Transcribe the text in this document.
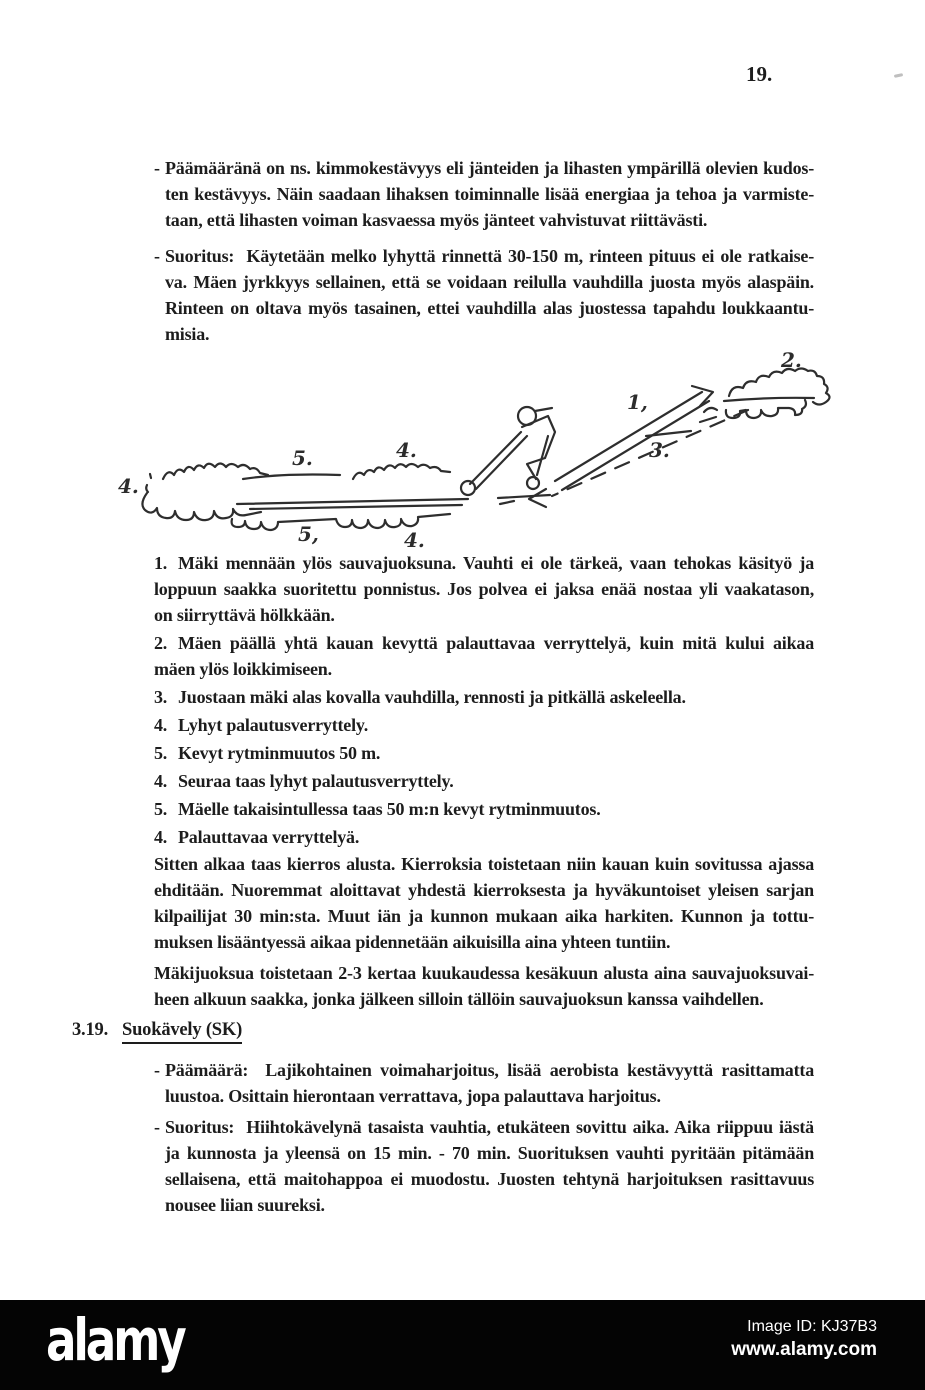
19.
- Päämääränä on ns. kimmokestävyys eli jänteiden ja lihasten ympärillä olevien kudos-
ten kestävyys. Näin saadaan lihaksen toiminnalle lisää energiaa ja tehoa ja varmiste-
taan, että lihasten voiman kasvaessa myös jänteet vahvistuvat riittävästi.
- Suoritus:  Käytetään melko lyhyttä rinnettä 30-150 m, rinteen pituus ei ole ratkaise-
va. Mäen jyrkkyys sellainen, että se voidaan reilulla vauhdilla juosta myös alaspäin.
Rinteen on oltava myös tasainen, ettei vauhdilla alas juostessa tapahdu loukkaantu-
misia.
4.
5.	4.
5,	4.
1,
3.
2.
1. Mäki mennään ylös sauvajuoksuna. Vauhti ei ole tärkeä, vaan tehokas käsityö ja
loppuun saakka suoritettu ponnistus. Jos polvea ei jaksa enää nostaa yli vaakatason,
on siirryttävä hölkkään.
2. Mäen päällä yhtä kauan kevyttä palauttavaa verryttelyä, kuin mitä kului aikaa
mäen ylös loikkimiseen.
3. Juostaan mäki alas kovalla vauhdilla, rennosti ja pitkällä askeleella.
4. Lyhyt palautusverryttely.
5. Kevyt rytminmuutos 50 m.
4. Seuraa taas lyhyt palautusverryttely.
5. Mäelle takaisintullessa taas 50 m:n kevyt rytminmuutos.
4. Palauttavaa verryttelyä.
Sitten alkaa taas kierros alusta. Kierroksia toistetaan niin kauan kuin sovitussa ajassa
ehditään. Nuoremmat aloittavat yhdestä kierroksesta ja hyväkuntoiset yleisen sarjan
kilpailijat 30 min:sta. Muut iän ja kunnon mukaan aika harkiten. Kunnon ja tottu-
muksen lisääntyessä aikaa pidennetään aikuisilla aina yhteen tuntiin.
Mäkijuoksua toistetaan 2-3 kertaa kuukaudessa kesäkuun alusta aina sauvajuoksuvai-
heen alkuun saakka, jonka jälkeen silloin tällöin sauvajuoksun kanssa vaihdellen.
3.19. Suokävely (SK)
- Päämäärä:  Lajikohtainen voimaharjoitus, lisää aerobista kestävyyttä rasittamatta
luustoa. Osittain hierontaan verrattava, jopa palauttava harjoitus.
- Suoritus:  Hiihtokävelynä tasaista vauhtia, etukäteen sovittu aika. Aika riippuu iästä
ja kunnosta ja yleensä on 15 min. - 70 min. Suorituksen vauhti pyritään pitämään
sellaisena, että maitohappoa ei muodostu. Juosten tehtynä harjoituksen rasittavuus
nousee liian suureksi.
alamy	Image ID: KJ37B3
www.alamy.com
